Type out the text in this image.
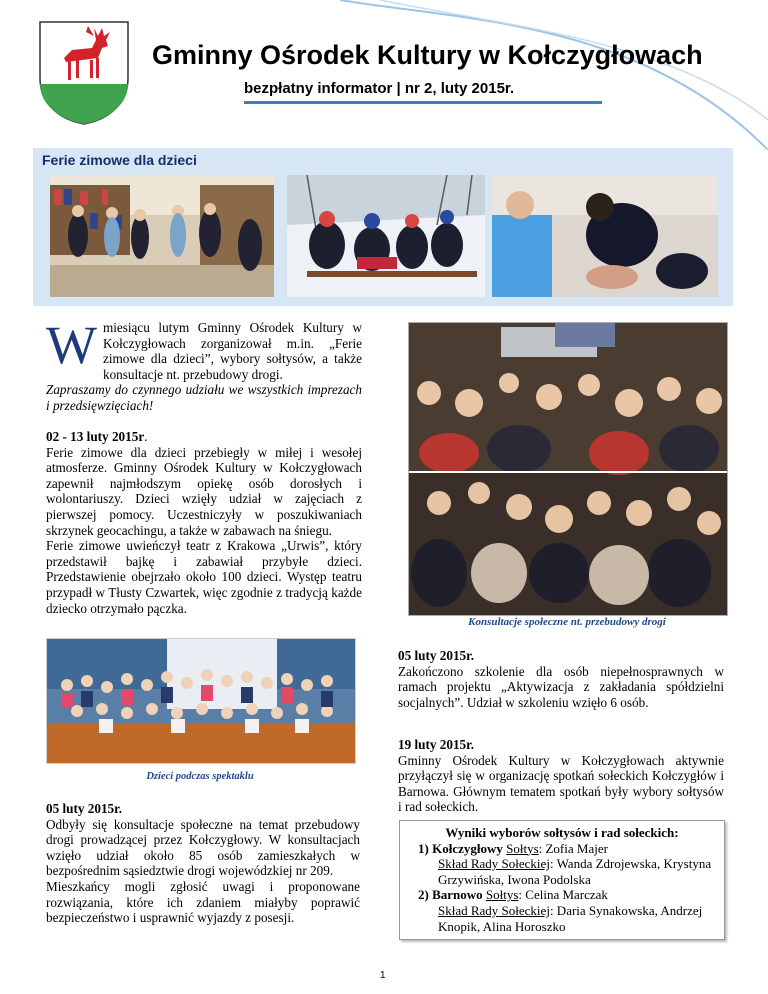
Gminny Ośrodek Kultury w Kołczygłowach
bezpłatny informator | nr 2, luty 2015r.
Ferie zimowe dla dzieci
W miesiącu lutym Gminny Ośrodek Kultury w Kołczygłowach zorganizował m.in. „Ferie zimowe dla dzieci”, wybory sołtysów, a także konsultacje nt. przebudowy drogi.
Zapraszamy do czynnego udziału we wszystkich imprezach i przedsięwzięciach!
02 - 13 luty 2015r.
Ferie zimowe dla dzieci przebiegły w miłej i wesołej atmosferze. Gminny Ośrodek Kultury w Kołczygłowach zapewnił najmłodszym opiekę osób dorosłych i wolontariuszy. Dzieci wzięły udział w zajęciach z pierwszej pomocy. Uczestniczyły w poszukiwaniach skrzynek geocachingu, a także w zabawach na śniegu.
Ferie zimowe uwieńczył teatr z Krakowa „Urwis”, który przedstawił bajkę i zabawiał przybyłe dzieci. Przedstawienie obejrzało około 100 dzieci. Występ teatru przypadł w Tłusty Czwartek, więc zgodnie z tradycją każde dziecko otrzymało pączka.
Konsultacje społeczne nt. przebudowy drogi
Dzieci podczas spektaklu
05 luty 2015r.
Zakończono szkolenie dla osób niepełnosprawnych w ramach projektu „Aktywizacja z zakładania spółdzielni socjalnych”. Udział w szkoleniu wzięło 6 osób.
19 luty 2015r.
Gminny Ośrodek Kultury w Kołczygłowach aktywnie przyłączył się w organizację spotkań sołeckich Kołczygłów i Barnowa. Głównym tematem spotkań były wybory sołtysów i rad sołeckich.
05 luty 2015r.
Odbyły się konsultacje społeczne na temat przebudowy drogi prowadzącej przez Kołczygłowy. W konsultacjach wzięło udział około 85 osób zamieszkałych w bezpośrednim sąsiedztwie drogi wojewódzkiej nr 209.
Mieszkańcy mogli zgłosić uwagi i proponowane rozwiązania, które ich zdaniem miałyby poprawić bezpieczeństwo i usprawnić wyjazdy z posesji.
Wyniki wyborów sołtysów i rad sołeckich:
1) Kołczygłowy Sołtys: Zofia Majer
Skład Rady Sołeckiej: Wanda Zdrojewska, Krystyna Grzywińska, Iwona Podolska
2) Barnowo Sołtys: Celina Marczak
Skład Rady Sołeckiej: Daria Synakowska, Andrzej Knopik, Alina Horoszko
1
